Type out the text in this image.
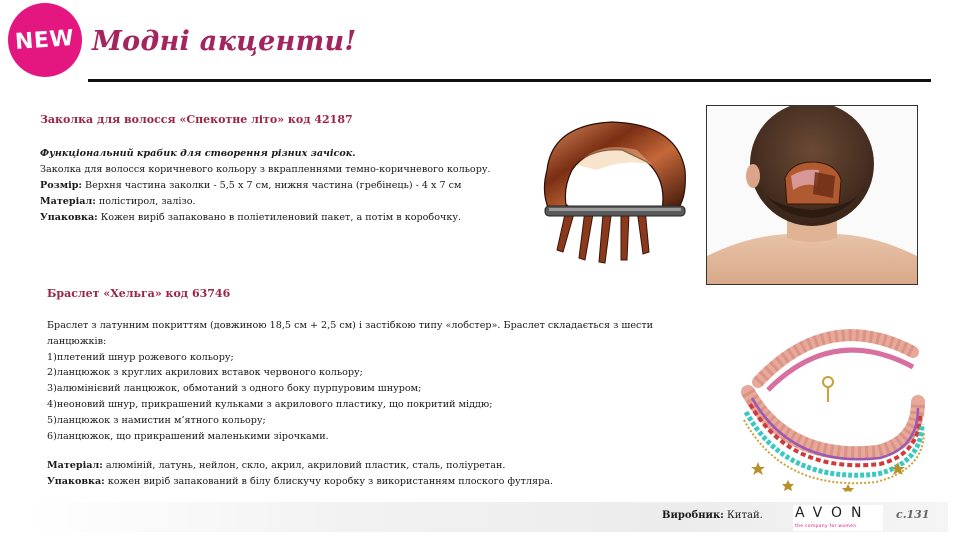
NEW Модні акценти!
Заколка для волосся «Спекотне літо» код 42187
Функціональний крабик для створення різних зачісок.
Заколка для волосся коричневого кольору з вкрапленнями темно-коричневого кольору.
Розмір: Верхня частина заколки - 5,5 х 7 см, нижня частина (гребінець) - 4 х 7 см
Матеріал: полістирол, залізо.
Упаковка: Кожен виріб запаковано в поліетиленовий пакет, а потім в коробочку.
Браслет «Хельга» код 63746

Браслет з латунним покриттям (довжиною 18,5 см + 2,5 см) і застібкою типу «лобстер». Браслет складається з шести ланцюжків:

1)плетений шнур рожевого кольору;

2)ланцюжок з круглих акрилових вставок червоного кольору;

3)алюмінієвий ланцюжок, обмотаний з одного боку пурпуровим шнуром;

4)неоновий шнур, прикрашений кульками з акрилового пластику, що покритий міддю;

5)ланцюжок з намистин м’ятного кольору;

6)ланцюжок, що прикрашений маленькими зірочками.

Матеріал: алюміній, латунь, нейлон, скло, акрил, акриловий пластик, сталь, поліуретан.

Упаковка: кожен виріб запакований в білу блискучу коробку з використанням плоского футляра.

Виробник: Китай. AVON
the company for women
с.131
